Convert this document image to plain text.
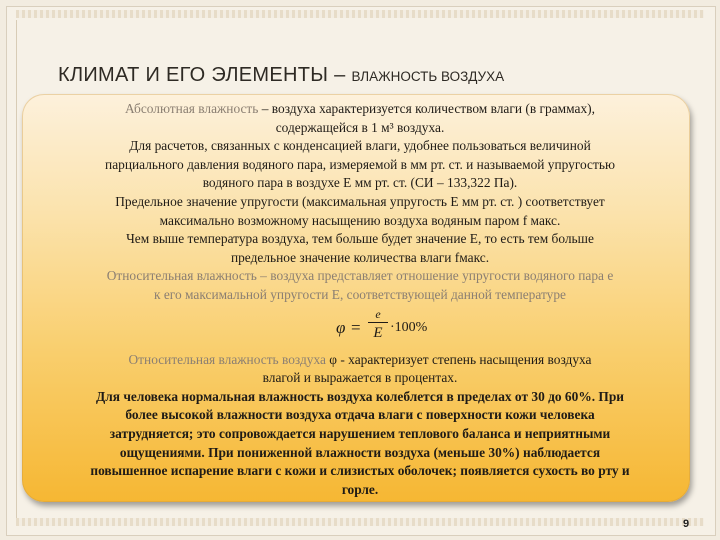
КЛИМАТ И ЕГО ЭЛЕМЕНТЫ – ВЛАЖНОСТЬ ВОЗДУХА

Абсолютная влажность – воздуха характеризуется количеством влаги (в граммах),

содержащейся в 1 м³ воздуха.

Для расчетов, связанных с конденсацией влаги, удобнее пользоваться величиной

парциального давления водяного пара, измеряемой в мм рт. ст. и называемой упругостью

водяного пара в воздухе E мм рт. ст. (СИ – 133,322 Па).

Предельное значение упругости (максимальная упругость Е мм рт. ст. ) соответствует

максимально возможному насыщению воздуха водяным паром f макс.

Чем выше температура воздуха, тем больше будет значение Е, то есть тем больше

предельное значение количества влаги fмакс.

Относительная влажность – воздуха представляет отношение упругости водяного пара е

к его максимальной упругости Е, соответствующей данной температуре

φ =
e
E ·100%

Относительная влажность воздуха φ - характеризует степень насыщения воздуха

влагой и выражается в процентах.

Для человека нормальная влажность воздуха колеблется в пределах от 30 до 60%. При

более высокой влажности воздуха отдача влаги с поверхности кожи человека

затрудняется; это сопровождается нарушением теплового баланса и неприятными

ощущениями. При пониженной влажности воздуха (меньше 30%) наблюдается

повышенное испарение влаги с кожи и слизистых оболочек; появляется сухость во рту и

горле.

9
